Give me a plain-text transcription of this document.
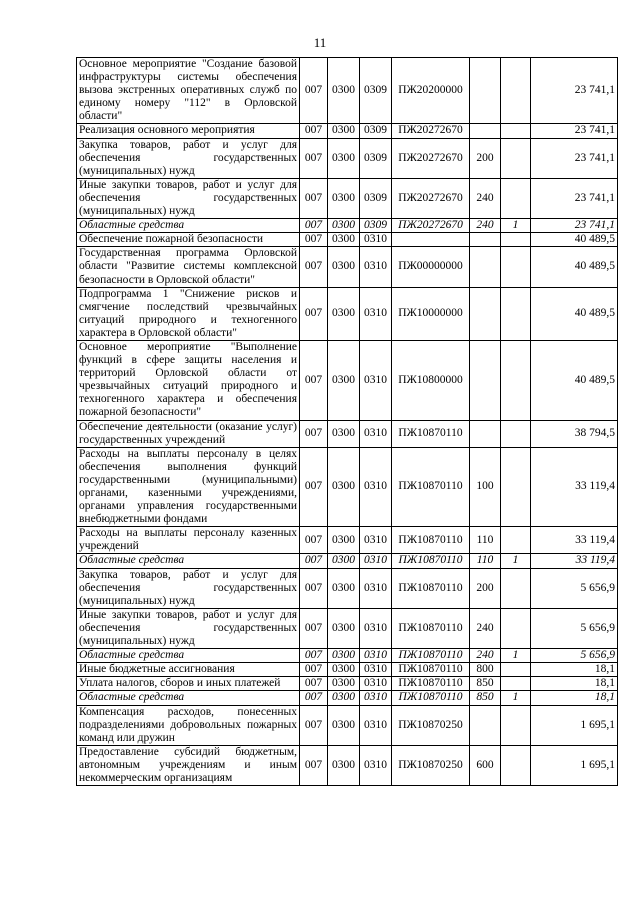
11
Основное мероприятие "Создание базовой инфраструктуры системы обеспечения вызова экстренных оперативных служб по единому номеру "112" в Орловской области"	007	0300	0309	ПЖ20200000			23 741,1
Реализация основного мероприятия	007	0300	0309	ПЖ20272670			23 741,1
Закупка товаров, работ и услуг для обеспечения государственных (муниципальных) нужд	007	0300	0309	ПЖ20272670	200		23 741,1
Иные закупки товаров, работ и услуг для обеспечения государственных (муниципальных) нужд	007	0300	0309	ПЖ20272670	240		23 741,1
Областные средства	007	0300	0309	ПЖ20272670	240	1	23 741,1
Обеспечение пожарной безопасности	007	0300	0310				40 489,5
Государственная программа Орловской области "Развитие системы комплексной безопасности в Орловской области"	007	0300	0310	ПЖ00000000			40 489,5
Подпрограмма 1 "Снижение рисков и смягчение последствий чрезвычайных ситуаций природного и техногенного характера в Орловской области"	007	0300	0310	ПЖ10000000			40 489,5
Основное мероприятие "Выполнение функций в сфере защиты населения и территорий Орловской области от чрезвычайных ситуаций природного и техногенного характера и обеспечения пожарной безопасности"	007	0300	0310	ПЖ10800000			40 489,5
Обеспечение деятельности (оказание услуг) государственных учреждений	007	0300	0310	ПЖ10870110			38 794,5
Расходы на выплаты персоналу в целях обеспечения выполнения функций государственными (муниципальными) органами, казенными учреждениями, органами управления государственными внебюджетными фондами	007	0300	0310	ПЖ10870110	100		33 119,4
Расходы на выплаты персоналу казенных учреждений	007	0300	0310	ПЖ10870110	110		33 119,4
Областные средства	007	0300	0310	ПЖ10870110	110	1	33 119,4
Закупка товаров, работ и услуг для обеспечения государственных (муниципальных) нужд	007	0300	0310	ПЖ10870110	200		5 656,9
Иные закупки товаров, работ и услуг для обеспечения государственных (муниципальных) нужд	007	0300	0310	ПЖ10870110	240		5 656,9
Областные средства	007	0300	0310	ПЖ10870110	240	1	5 656,9
Иные бюджетные ассигнования	007	0300	0310	ПЖ10870110	800		18,1
Уплата налогов, сборов и иных платежей	007	0300	0310	ПЖ10870110	850		18,1
Областные средства	007	0300	0310	ПЖ10870110	850	1	18,1
Компенсация расходов, понесенных подразделениями добровольных пожарных команд или дружин	007	0300	0310	ПЖ10870250			1 695,1
Предоставление субсидий бюджетным, автономным учреждениям и иным некоммерческим организациям	007	0300	0310	ПЖ10870250	600		1 695,1
